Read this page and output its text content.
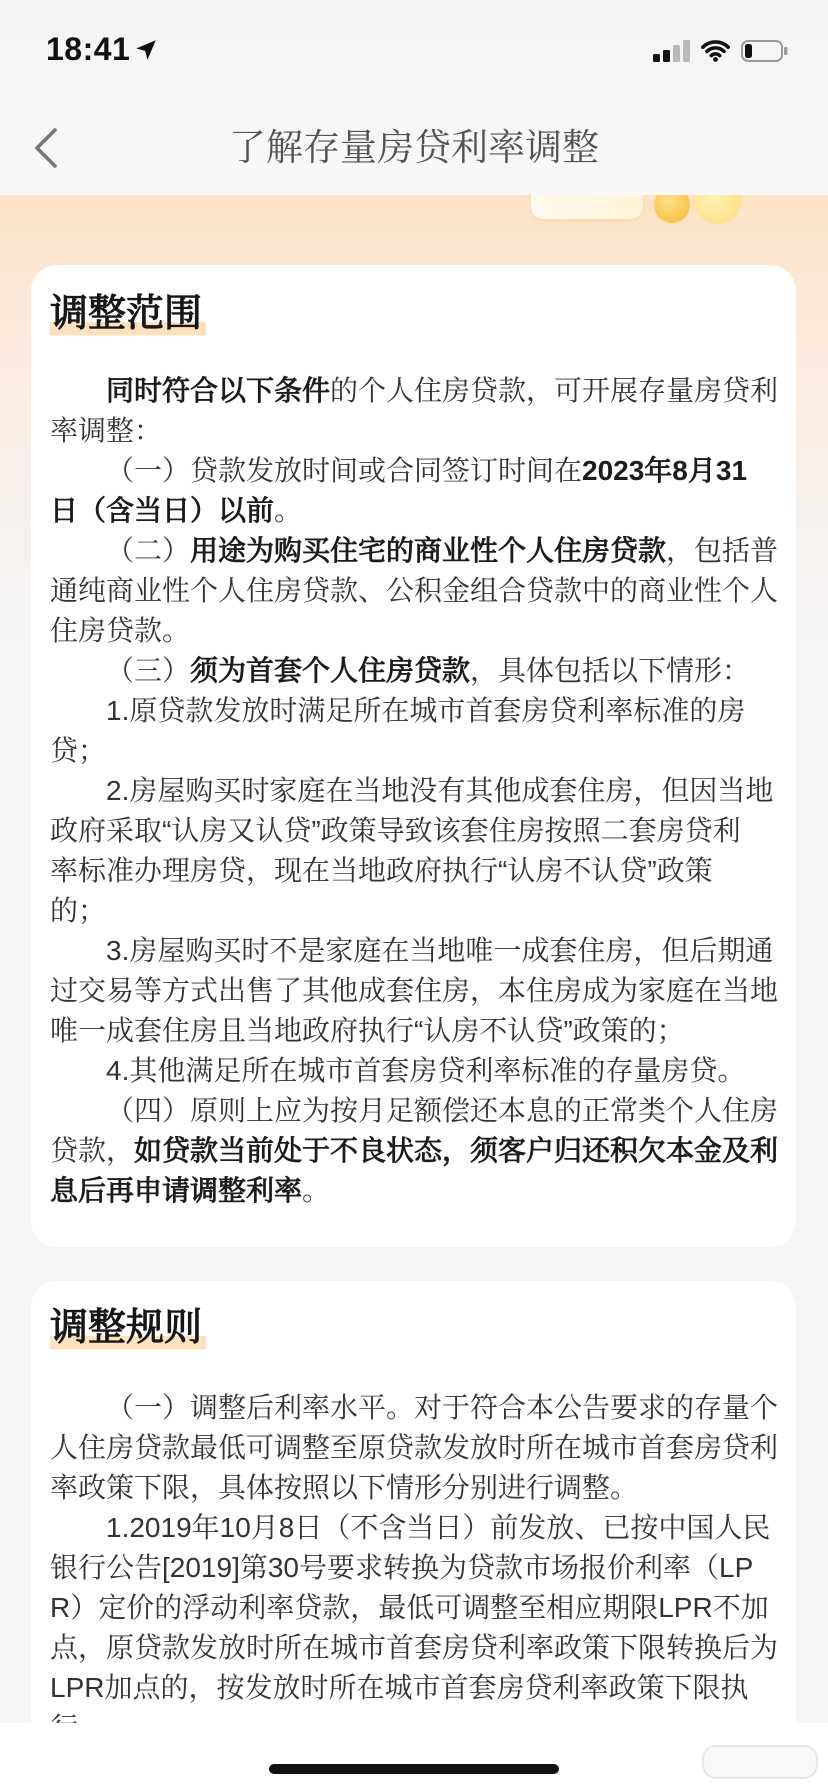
18:41
了解存量房贷利率调整
调整范围
同时符合以下条件的个人住房贷款，可开展存量房贷利
率调整：
（一）贷款发放时间或合同签订时间在2023年8月31
日（含当日）以前。
（二）用途为购买住宅的商业性个人住房贷款，包括普
通纯商业性个人住房贷款、公积金组合贷款中的商业性个人
住房贷款。
（三）须为首套个人住房贷款，具体包括以下情形：
1.原贷款发放时满足所在城市首套房贷利率标准的房
贷；
2.房屋购买时家庭在当地没有其他成套住房，但因当地
政府采取“认房又认贷”政策导致该套住房按照二套房贷利
率标准办理房贷，现在当地政府执行“认房不认贷”政策
的；
3.房屋购买时不是家庭在当地唯一成套住房，但后期通
过交易等方式出售了其他成套住房，本住房成为家庭在当地
唯一成套住房且当地政府执行“认房不认贷”政策的；
4.其他满足所在城市首套房贷利率标准的存量房贷。
（四）原则上应为按月足额偿还本息的正常类个人住房
贷款，如贷款当前处于不良状态，须客户归还积欠本金及利
息后再申请调整利率。
调整规则
（一）调整后利率水平。对于符合本公告要求的存量个
人住房贷款最低可调整至原贷款发放时所在城市首套房贷利
率政策下限，具体按照以下情形分别进行调整。
1.2019年10月8日（不含当日）前发放、已按中国人民
银行公告[2019]第30号要求转换为贷款市场报价利率（LP
R）定价的浮动利率贷款，最低可调整至相应期限LPR不加
点，原贷款发放时所在城市首套房贷利率政策下限转换后为
LPR加点的，按发放时所在城市首套房贷利率政策下限执
